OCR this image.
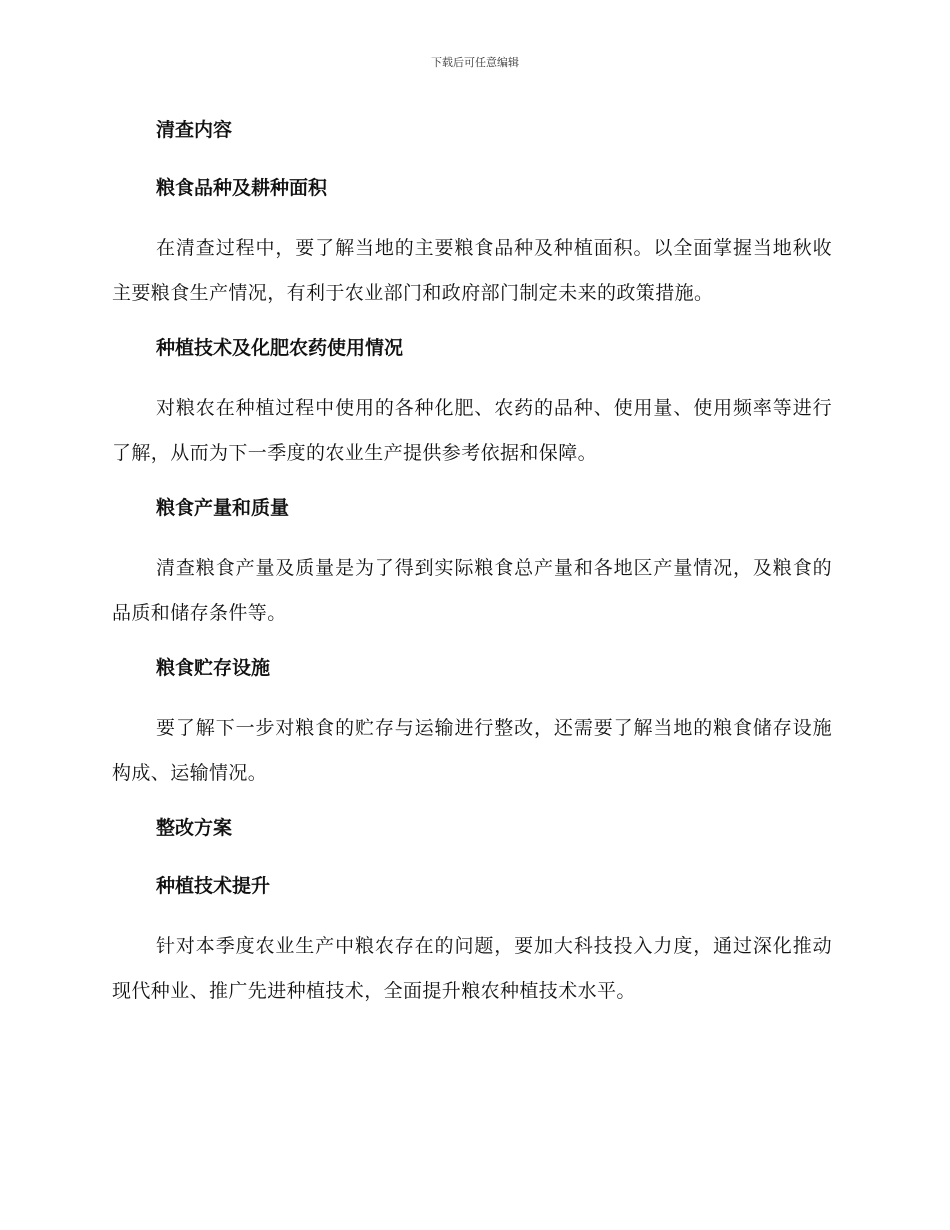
下载后可任意编辑
清查内容
粮食品种及耕种面积

在清查过程中，要了解当地的主要粮食品种及种植面积。以全面掌握当地秋收主要粮食生产情况，有利于农业部门和政府部门制定未来的政策措施。

种植技术及化肥农药使用情况

对粮农在种植过程中使用的各种化肥、农药的品种、使用量、使用频率等进行了解，从而为下一季度的农业生产提供参考依据和保障。

粮食产量和质量

清查粮食产量及质量是为了得到实际粮食总产量和各地区产量情况，及粮食的品质和储存条件等。

粮食贮存设施

要了解下一步对粮食的贮存与运输进行整改，还需要了解当地的粮食储存设施构成、运输情况。

整改方案
种植技术提升

针对本季度农业生产中粮农存在的问题，要加大科技投入力度，通过深化推动现代种业、推广先进种植技术，全面提升粮农种植技术水平。
